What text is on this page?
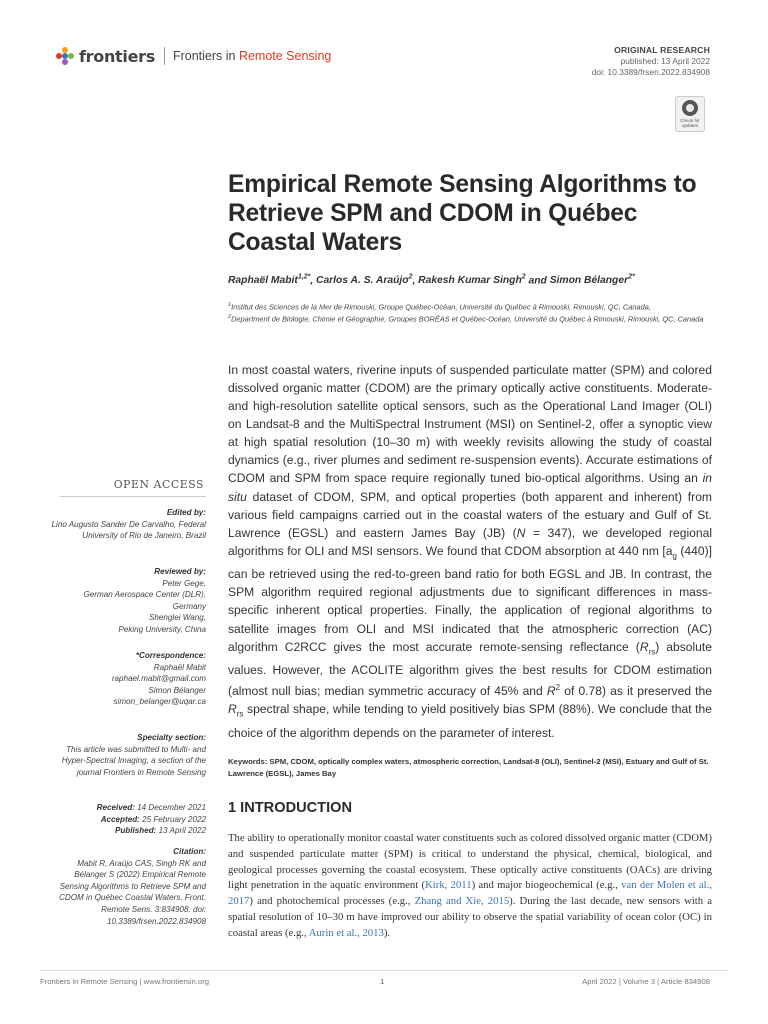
frontiers Frontiers in Remote Sensing	ORIGINAL RESEARCH
published: 13 April 2022
doi: 10.3389/frsen.2022.834908
Check for updates
Empirical Remote Sensing Algorithms to Retrieve SPM and CDOM in Québec Coastal Waters
Raphaël Mabit$^{1,2*}$, Carlos A. S. Araújo$^2$, Rakesh Kumar Singh$^2$ and Simon Bélanger$^{2*}$
$^1$Institut des Sciences de la Mer de Rimouski, Groupe Québec-Océan, Université du Québec à Rimouski, Rimouski, QC, Canada,
$^2$Department de Biologie, Chimie et Géographie, Groupes BORÉAS et Québec-Océan, Université du Québec à Rimouski, Rimouski, QC, Canada

In most coastal waters, riverine inputs of suspended particulate matter (SPM) and colored dissolved organic matter (CDOM) are the primary optically active constituents. Moderate- and high-resolution satellite optical sensors, such as the Operational Land Imager (OLI) on Landsat-8 and the MultiSpectral Instrument (MSI) on Sentinel-2, offer a synoptic view at high spatial resolution (10–30 m) with weekly revisits allowing the study of coastal dynamics (e.g., river plumes and sediment re-suspension events). Accurate estimations of CDOM and SPM from space require regionally tuned bio-optical algorithms. Using an in situ dataset of CDOM, SPM, and optical properties (both apparent and inherent) from various field campaigns carried out in the coastal waters of the estuary and Gulf of St. Lawrence (EGSL) and eastern James Bay (JB) (N = 347), we developed regional algorithms for OLI and MSI sensors. We found that CDOM absorption at 440 nm [$a_g$ (440)] can be retrieved using the red-to-green band ratio for both EGSL and JB. In contrast, the SPM algorithm required regional adjustments due to significant differences in mass-specific inherent optical properties. Finally, the application of regional algorithms to satellite images from OLI and MSI indicated that the atmospheric correction (AC) algorithm C2RCC gives the most accurate remote-sensing reflectance $(R_{rs})$ absolute values. However, the ACOLITE algorithm gives the best results for CDOM estimation (almost null bias; median symmetric accuracy of 45% and $R^2$ of 0.78) as it preserved the $R_{rs}$ spectral shape, while tending to yield positively bias SPM (88%). We conclude that the choice of the algorithm depends on the parameter of interest.

Keywords: SPM, CDOM, optically complex waters, atmospheric correction, Landsat-8 (OLI), Sentinel-2 (MSI), Estuary and Gulf of St. Lawrence (EGSL), James Bay

1 INTRODUCTION

The ability to operationally monitor coastal water constituents such as colored dissolved organic matter (CDOM) and suspended particulate matter (SPM) is critical to understand the physical, chemical, biological, and geological processes governing the coastal ecosystem. These optically active constituents (OACs) are driving light penetration in the aquatic environment (Kirk, 2011) and major biogeochemical (e.g., van der Molen et al., 2017) and photochemical processes (e.g., Zhang and Xie, 2015). During the last decade, new sensors with a spatial resolution of 10–30 m have improved our ability to observe the spatial variability of ocean color (OC) in coastal areas (e.g., Aurin et al., 2013).

OPEN ACCESS
Edited by:
Lino Augusto Sander De Carvalho, Federal University of Rio de Janeiro, Brazil
Reviewed by:
Peter Gege,
German Aerospace Center (DLR), Germany
Shenglei Wang,
Peking University, China
*Correspondence:
Raphaël Mabit
raphael.mabit@gmail.com
Simon Bélanger
simon_belanger@uqar.ca
Specialty section:
This article was submitted to Multi- and Hyper-Spectral Imaging, a section of the journal Frontiers in Remote Sensing
Received: 14 December 2021
Accepted: 25 February 2022
Published: 13 April 2022
Citation:
Mabit R, Araújo CAS, Singh RK and Bélanger S (2022) Empirical Remote Sensing Algorithms to Retrieve SPM and CDOM in Québec Coastal Waters. Front. Remote Sens. 3:834908. doi: 10.3389/frsen.2022.834908
Frontiers in Remote Sensing | www.frontiersin.org	1	April 2022 | Volume 3 | Article 834908
